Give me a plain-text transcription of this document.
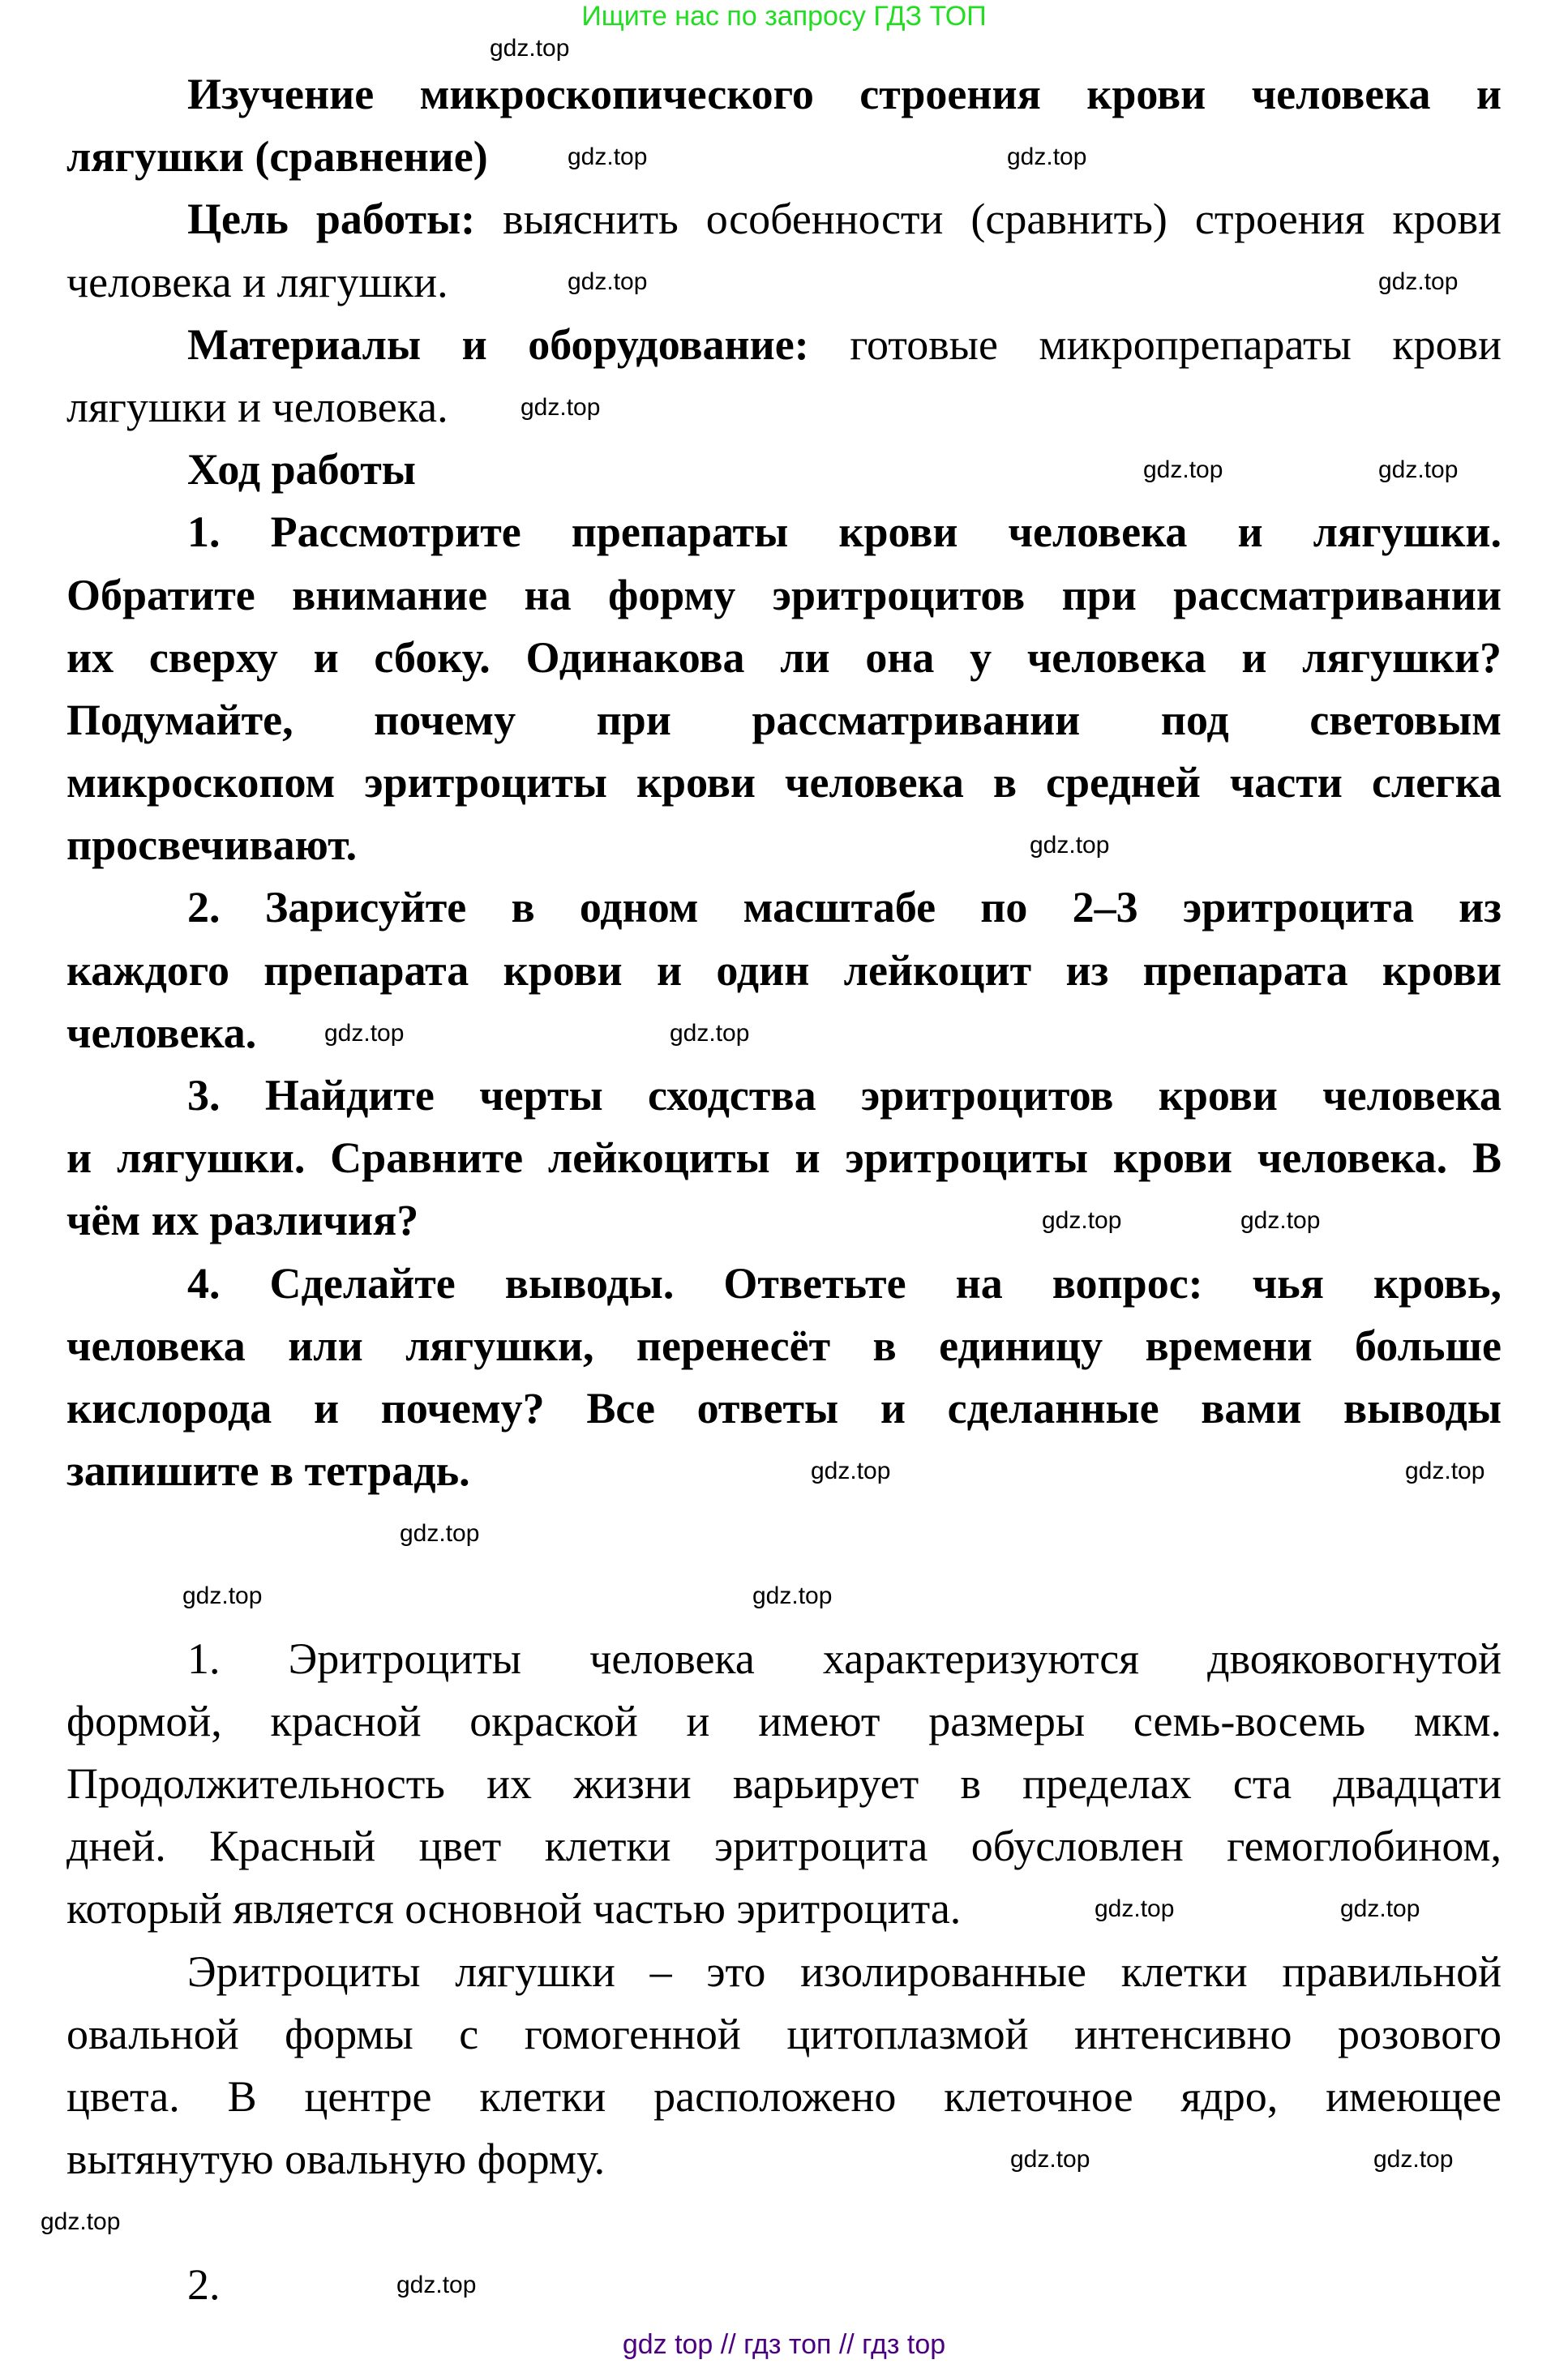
Ищите нас по запросу ГДЗ ТОП
Изучение микроскопического строения крови человека и
лягушки (сравнение)
Цель работы: выяснить особенности (сравнить) строения крови
человека и лягушки.
Материалы и оборудование: готовые микропрепараты крови
лягушки и человека.
Ход работы
1. Рассмотрите препараты крови человека и лягушки.
Обратите внимание на форму эритроцитов при рассматривании
их сверху и сбоку. Одинакова ли она у человека и лягушки?
Подумайте, почему при рассматривании под световым
микроскопом эритроциты крови человека в средней части слегка
просвечивают.
2. Зарисуйте в одном масштабе по 2–3 эритроцита из
каждого препарата крови и один лейкоцит из препарата крови
человека.
3. Найдите черты сходства эритроцитов крови человека
и лягушки. Сравните лейкоциты и эритроциты крови человека. В
чём их различия?
4. Сделайте выводы. Ответьте на вопрос: чья кровь,
человека или лягушки, перенесёт в единицу времени больше
кислорода и почему? Все ответы и сделанные вами выводы
запишите в тетрадь.
1. Эритроциты человека характеризуются двояковогнутой
формой, красной окраской и имеют размеры семь-восемь мкм.
Продолжительность их жизни варьирует в пределах ста двадцати
дней. Красный цвет клетки эритроцита обусловлен гемоглобином,
который является основной частью эритроцита.
Эритроциты лягушки – это изолированные клетки правильной
овальной формы с гомогенной цитоплазмой интенсивно розового
цвета. В центре клетки расположено клеточное ядро, имеющее
вытянутую овальную форму.
2.
gdz.top
gdz.top	gdz.top
gdz.top	gdz.top
gdz.top
gdz.top	gdz.top
gdz.top
gdz.top	gdz.top
gdz.top	gdz.top
gdz.top	gdz.top
gdz.top
gdz.top	gdz.top
gdz.top	gdz.top
gdz.top	gdz.top
gdz.top
gdz.top
gdz top // гдз топ // гдз top
